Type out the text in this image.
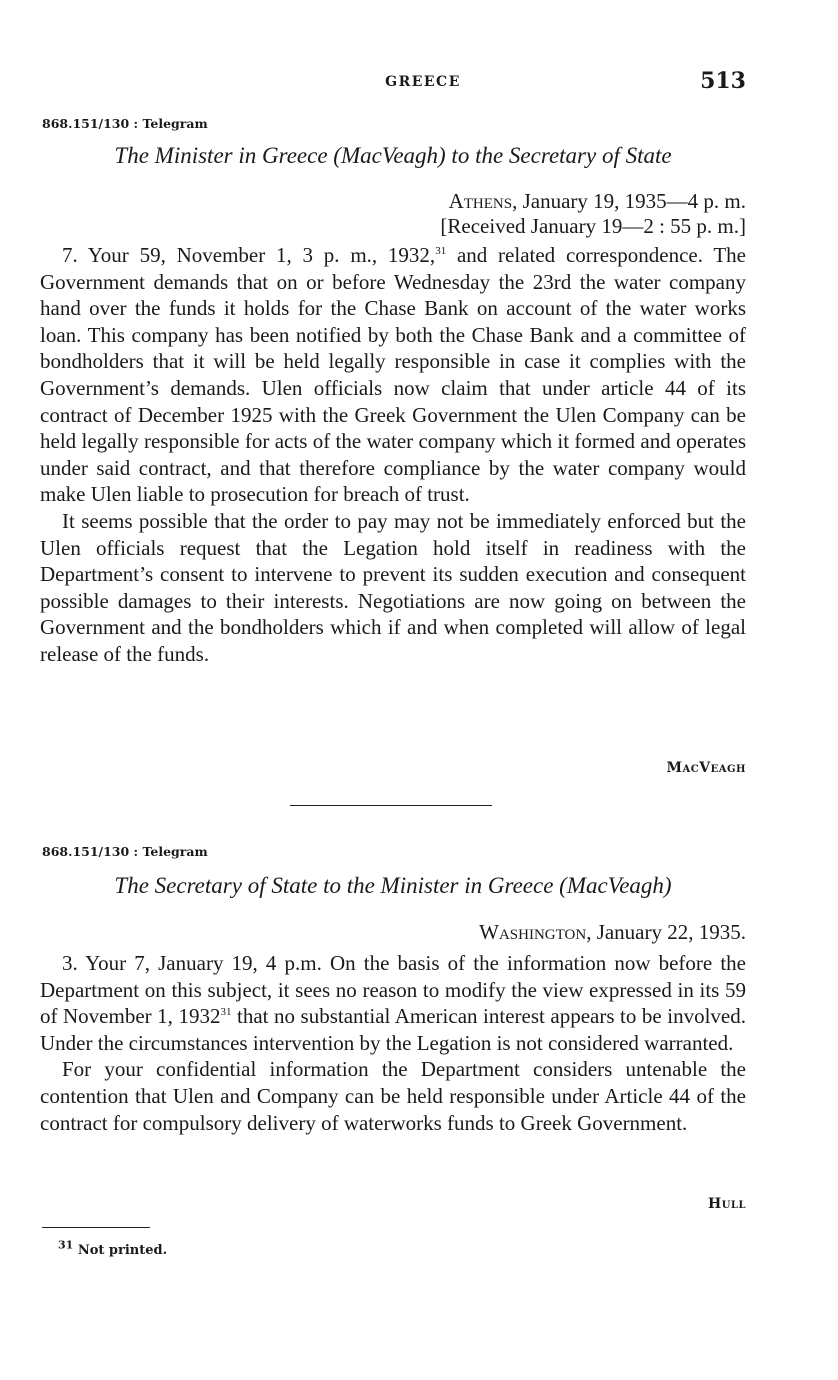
GREECE	513
868.151/130 : Telegram
The Minister in Greece (MacVeagh) to the Secretary of State
Athens, January 19, 1935—4 p. m.
[Received January 19—2 : 55 p. m.]

7. Your 59, November 1, 3 p. m., 1932,31 and related correspondence. The Government demands that on or before Wednesday the 23rd the water company hand over the funds it holds for the Chase Bank on account of the water works loan. This company has been notified by both the Chase Bank and a committee of bondholders that it will be held legally responsible in case it complies with the Government’s demands. Ulen officials now claim that under article 44 of its contract of December 1925 with the Greek Government the Ulen Company can be held legally responsible for acts of the water company which it formed and operates under said contract, and that therefore compliance by the water company would make Ulen liable to prosecution for breach of trust.

It seems possible that the order to pay may not be immediately enforced but the Ulen officials request that the Legation hold itself in readiness with the Department’s consent to intervene to prevent its sudden execution and consequent possible damages to their interests. Negotiations are now going on between the Government and the bondholders which if and when completed will allow of legal release of the funds.

MacVeagh
868.151/130 : Telegram
The Secretary of State to the Minister in Greece (MacVeagh)
Washington, January 22, 1935.

3. Your 7, January 19, 4 p.m. On the basis of the information now before the Department on this subject, it sees no reason to modify the view expressed in its 59 of November 1, 1932$^{31}$ that no substantial American interest appears to be involved. Under the circumstances intervention by the Legation is not considered warranted.

For your confidential information the Department considers untenable the contention that Ulen and Company can be held responsible under Article 44 of the contract for compulsory delivery of waterworks funds to Greek Government.

Hull
$^{31}$ Not printed.
